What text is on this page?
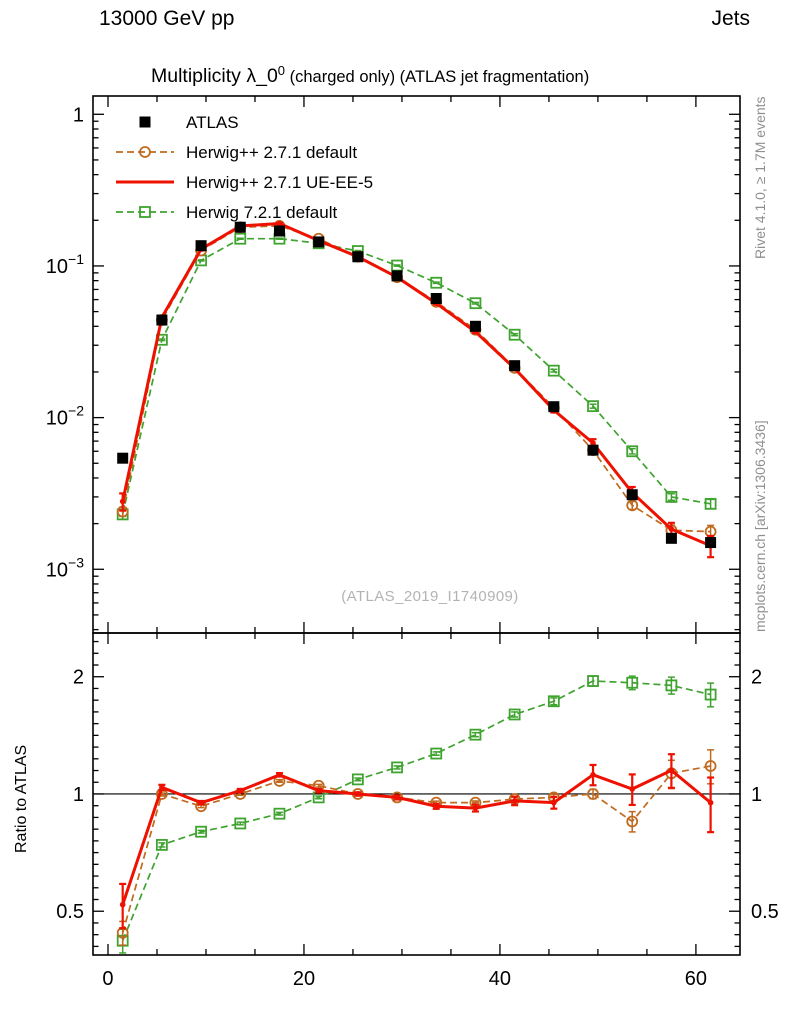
13000 GeV pp	Jets
0	20	40	60
1
$10^{-1}$
$10^{-2}$
$10^{-3}$
2	2
1	1
0.5	0.5
ATLAS
Herwig++ 2.7.1 default
Herwig++ 2.7.1 UE-EE-5
Herwig 7.2.1 default
Multiplicity $\lambda\_0^0$ (charged only) (ATLAS jet fragmentation)
(ATLAS_2019_I1740909)
Rivet 4.1.0, ≥ 1.7M events
mcplots.cern.ch [arXiv:1306.3436]
Ratio to ATLAS
